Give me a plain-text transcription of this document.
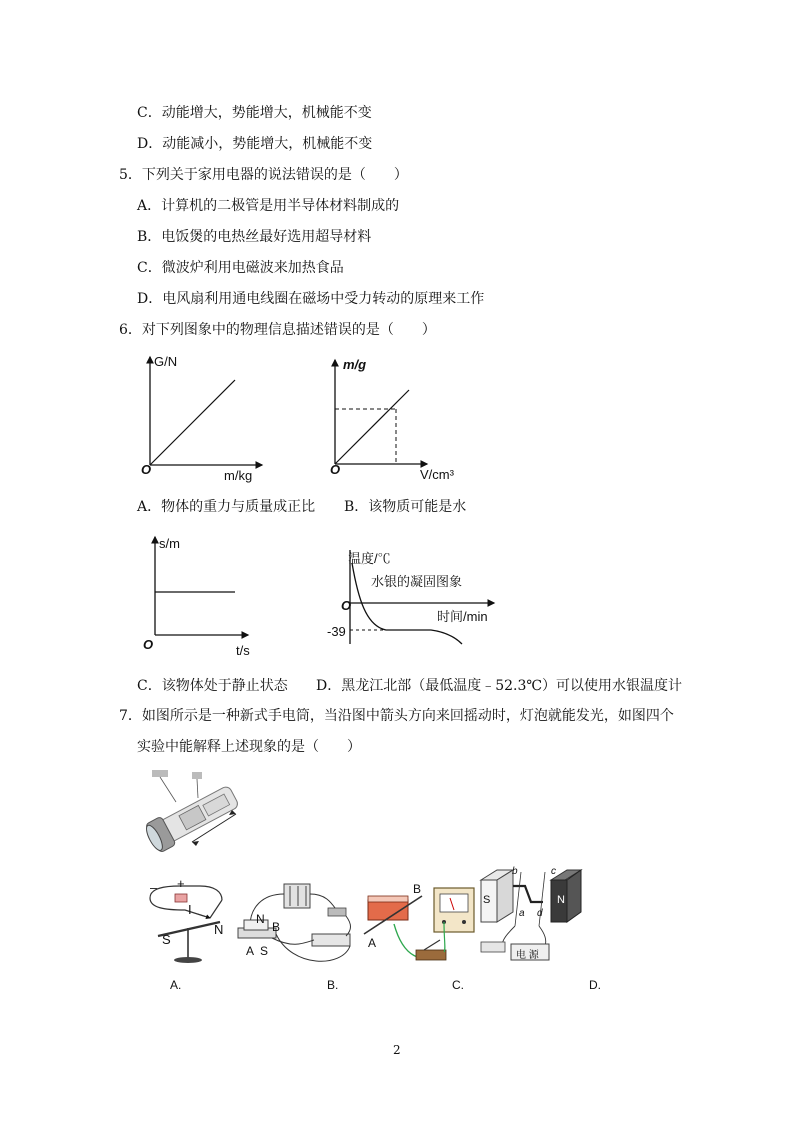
C．动能增大，势能增大，机械能不变
D．动能减小，势能增大，机械能不变
5．下列关于家用电器的说法错误的是（　　）
A．计算机的二极管是用半导体材料制成的
B．电饭煲的电热丝最好选用超导材料
C．微波炉利用电磁波来加热食品
D．电风扇利用通电线圈在磁场中受力转动的原理来工作
6．对下列图象中的物理信息描述错误的是（　　）
G/N
m/kg
O
m/g
V/cm³
O
A．物体的重力与质量成正比 B．该物质可能是水
s/m
t/s
O
温度/℃
水银的凝固图象
时间/min
O
-39
C．该物体处于静止状态 D．黑龙江北部（最低温度﹣52.3℃）可以使用水银温度计
7．如图所示是一种新式手电筒，当沿图中箭头方向来回摇动时，灯泡就能发光，如图四个
实验中能解释上述现象的是（　　）
– +
I
N
S
A.
N
B
A S
B.
B
A
C.
S	N
b	c
a d
电 源
D.
2
